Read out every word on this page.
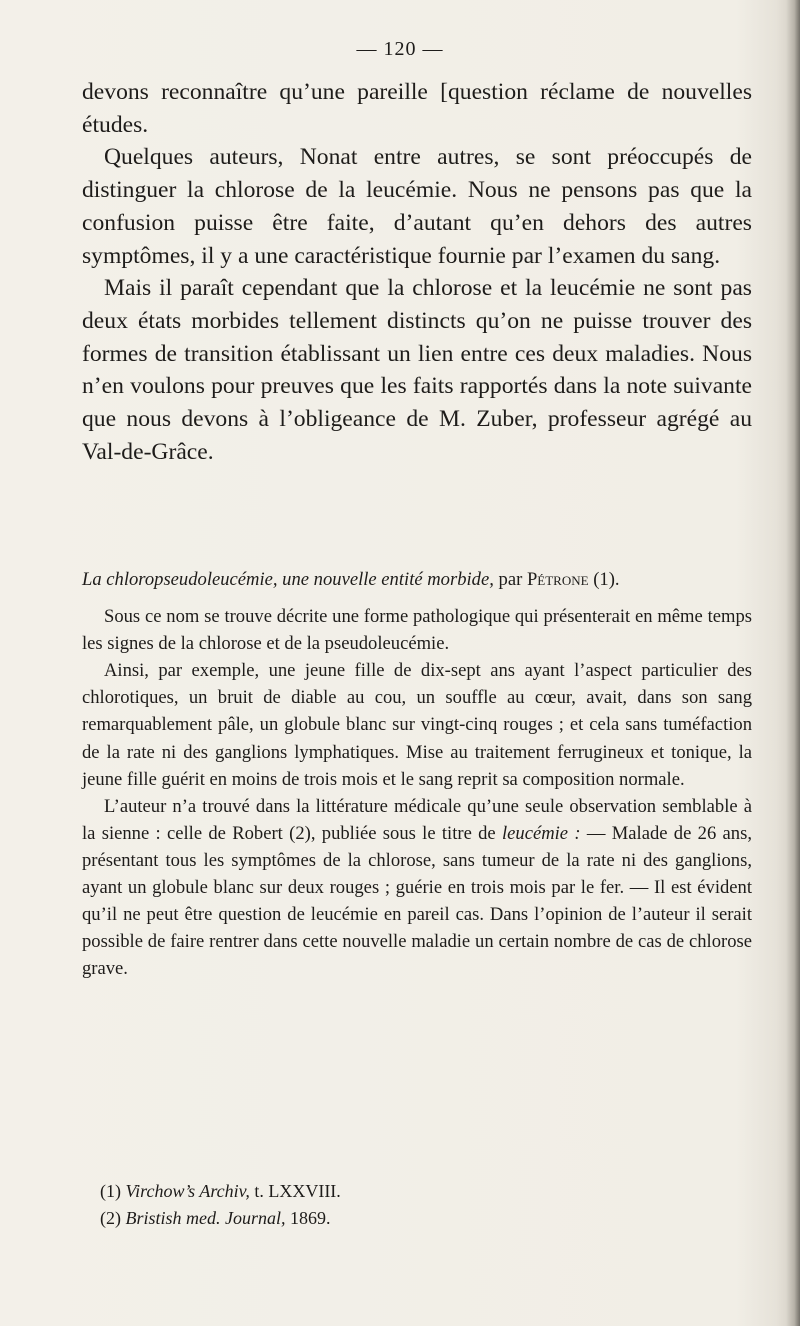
— 120 —

devons reconnaître qu’une pareille [question réclame de nouvelles études.

Quelques auteurs, Nonat entre autres, se sont préoccupés de distinguer la chlorose de la leucémie. Nous ne pensons pas que la confusion puisse être faite, d’autant qu’en dehors des autres symptômes, il y a une caractéristique fournie par l’examen du sang.

Mais il paraît cependant que la chlorose et la leucémie ne sont pas deux états morbides tellement distincts qu’on ne puisse trouver des formes de transition établissant un lien entre ces deux maladies. Nous n’en voulons pour preuves que les faits rapportés dans la note suivante que nous devons à l’obligeance de M. Zuber, professeur agrégé au Val-de-Grâce.

La chloropseudoleucémie, une nouvelle entité morbide, par Pétrone (1).

Sous ce nom se trouve décrite une forme pathologique qui présenterait en même temps les signes de la chlorose et de la pseudoleucémie.

Ainsi, par exemple, une jeune fille de dix-sept ans ayant l’aspect particulier des chlorotiques, un bruit de diable au cou, un souffle au cœur, avait, dans son sang remarquablement pâle, un globule blanc sur vingt-cinq rouges ; et cela sans tuméfaction de la rate ni des ganglions lymphatiques. Mise au traitement ferrugineux et tonique, la jeune fille guérit en moins de trois mois et le sang reprit sa composition normale.

L’auteur n’a trouvé dans la littérature médicale qu’une seule observation semblable à la sienne : celle de Robert (2), publiée sous le titre de leucémie : — Malade de 26 ans, présentant tous les symptômes de la chlorose, sans tumeur de la rate ni des ganglions, ayant un globule blanc sur deux rouges ; guérie en trois mois par le fer. — Il est évident qu’il ne peut être question de leucémie en pareil cas. Dans l’opinion de l’auteur il serait possible de faire rentrer dans cette nouvelle maladie un certain nombre de cas de chlorose grave.

(1) Virchow’s Archiv, t. LXXVIII.

(2) Bristish med. Journal, 1869.
